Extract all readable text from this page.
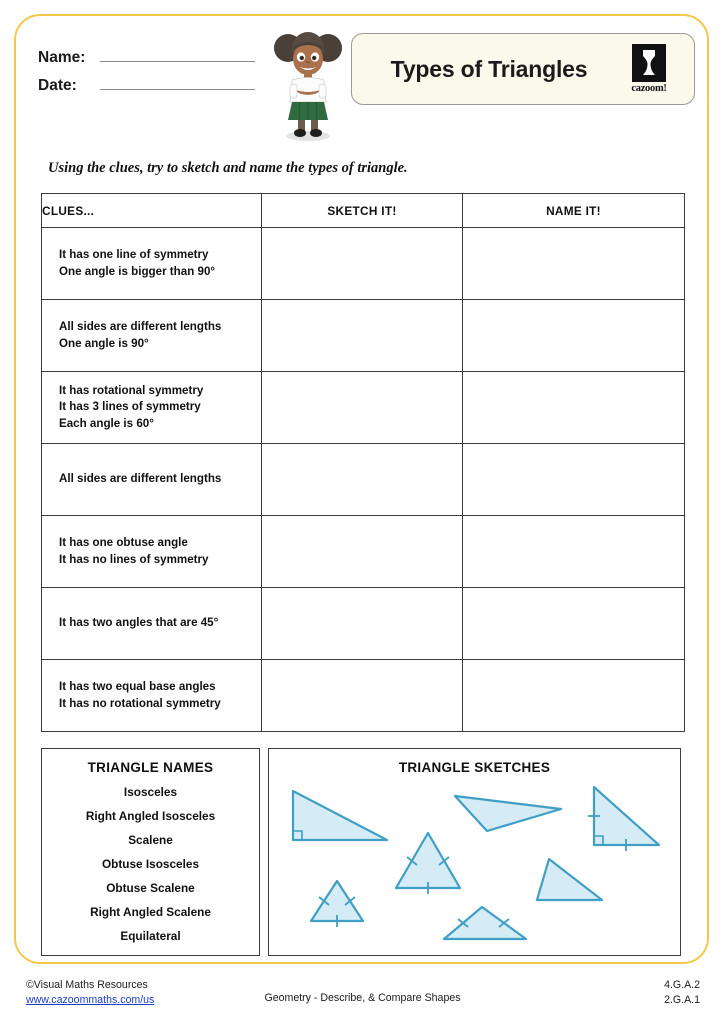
Name:
Date:
Types of Triangles
cazoom!
Using the clues, try to sketch and name the types of triangle.
CLUES...	SKETCH IT!	NAME IT!

It has one line of symmetry
One angle is bigger than 90°		

All sides are different lengths
One angle is 90°		

It has rotational symmetry
It has 3 lines of symmetry
Each angle is 60°		

All sides are different lengths		

It has one obtuse angle
It has no lines of symmetry		

It has two angles that are 45°		

It has two equal base angles
It has no rotational symmetry		

TRIANGLE NAMES
Isosceles
Right Angled Isosceles
Scalene
Obtuse Isosceles
Obtuse Scalene
Right Angled Scalene
Equilateral
TRIANGLE SKETCHES
©Visual Maths Resources
www.cazoommaths.com/us	Geometry - Describe, & Compare Shapes
4.G.A.2
2.G.A.1
